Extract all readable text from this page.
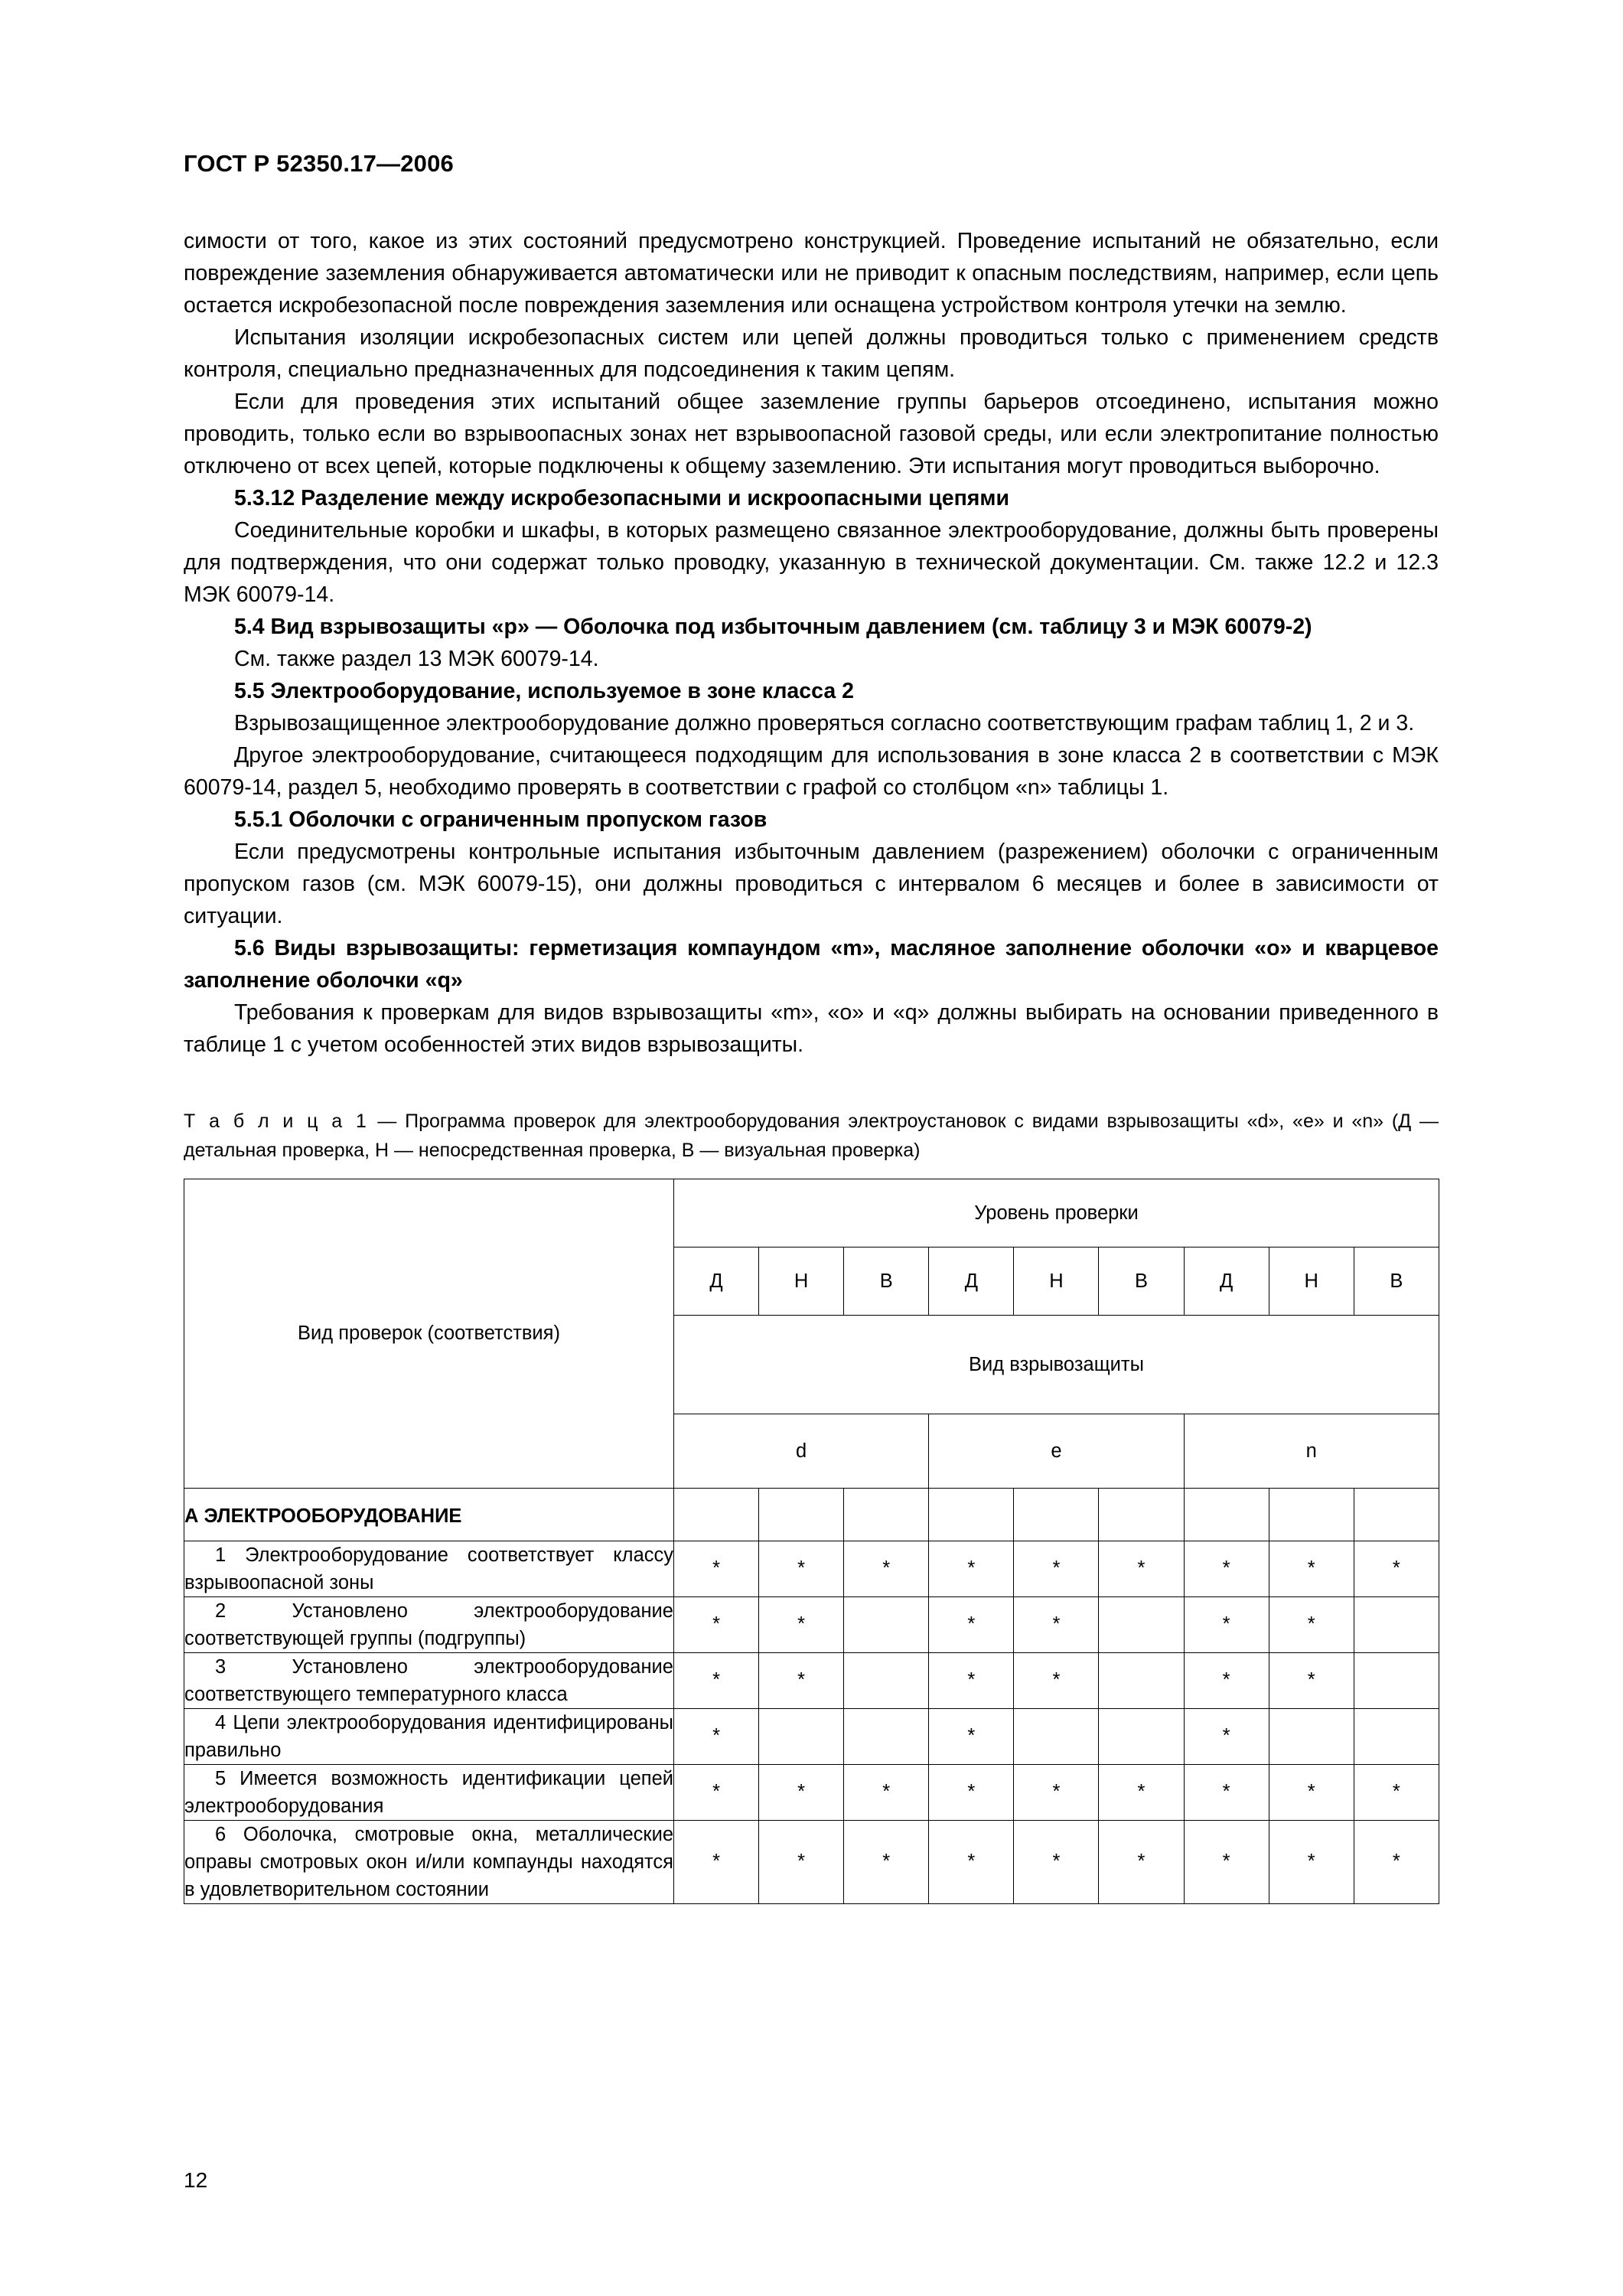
ГОСТ Р 52350.17—2006

симости от того, какое из этих состояний предусмотрено конструкцией. Проведение испытаний не обязательно, если повреждение заземления обнаруживается автоматически или не приводит к опасным последствиям, например, если цепь остается искробезопасной после повреждения заземления или оснащена устройством контроля утечки на землю.

Испытания изоляции искробезопасных систем или цепей должны проводиться только с применением средств контроля, специально предназначенных для подсоединения к таким цепям.

Если для проведения этих испытаний общее заземление группы барьеров отсоединено, испытания можно проводить, только если во взрывоопасных зонах нет взрывоопасной газовой среды, или если электропитание полностью отключено от всех цепей, которые подключены к общему заземлению. Эти испытания могут проводиться выборочно.

5.3.12 Разделение между искробезопасными и искроопасными цепями

Соединительные коробки и шкафы, в которых размещено связанное электрооборудование, должны быть проверены для подтверждения, что они содержат только проводку, указанную в технической документации. См. также 12.2 и 12.3 МЭК 60079-14.

5.4 Вид взрывозащиты «p» — Оболочка под избыточным давлением (см. таблицу 3 и МЭК 60079-2)

См. также раздел 13 МЭК 60079-14.

5.5 Электрооборудование, используемое в зоне класса 2

Взрывозащищенное электрооборудование должно проверяться согласно соответствующим графам таблиц 1, 2 и 3.

Другое электрооборудование, считающееся подходящим для использования в зоне класса 2 в соответствии с МЭК 60079-14, раздел 5, необходимо проверять в соответствии с графой со столбцом «n» таблицы 1.

5.5.1 Оболочки с ограниченным пропуском газов

Если предусмотрены контрольные испытания избыточным давлением (разрежением) оболочки с ограниченным пропуском газов (см. МЭК 60079-15), они должны проводиться с интервалом 6 месяцев и более в зависимости от ситуации.

5.6 Виды взрывозащиты: герметизация компаундом «m», масляное заполнение оболочки «о» и кварцевое заполнение оболочки «q»

Требования к проверкам для видов взрывозащиты «m», «о» и «q» должны выбирать на основании приведенного в таблице 1 с учетом особенностей этих видов взрывозащиты.

Т а б л и ц а 1 — Программа проверок для электрооборудования электроустановок с видами взрывозащиты «d», «е» и «n» (Д — детальная проверка, Н — непосредственная проверка, В — визуальная проверка)

Вид проверок (соответствия)	Уровень проверки								
	Д	Н	В	Д	Н	В	Д	Н	В
	Вид взрывозащиты								
	d			e			n		
А ЭЛЕКТРООБОРУДОВАНИЕ									
1 Электрооборудование соответствует классу взрывоопасной зоны	*	*	*	*	*	*	*	*	*
2 Установлено электрооборудование соответствующей группы (подгруппы)	*	*		*	*		*	*	
3 Установлено электрооборудование соответствующего температурного класса	*	*		*	*		*	*	
4 Цепи электрооборудования идентифицированы правильно	*			*			*		
5 Имеется возможность идентификации цепей электрооборудования	*	*	*	*	*	*	*	*	*
6 Оболочка, смотровые окна, металлические оправы смотровых окон и/или компаунды находятся в удовлетворительном состоянии	*	*	*	*	*	*	*	*	*
12
